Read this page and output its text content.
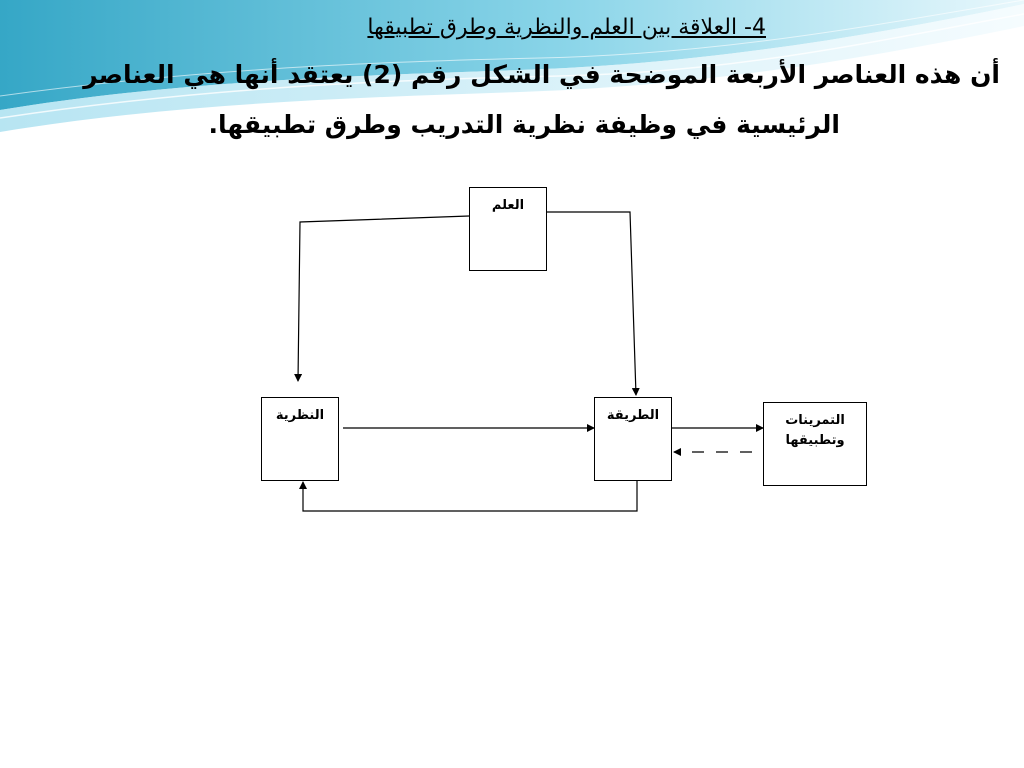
4- العلاقة بين العلم والنظرية وطرق تطبيقها
أن هذه العناصر الأربعة الموضحة في الشكل رقم (2) يعتقد أنها هي العناصر
الرئيسية في وظيفة نظرية التدريب وطرق تطبيقها.
العلم
النظرية	الطريقة	التمرينات
وتطبيقها
